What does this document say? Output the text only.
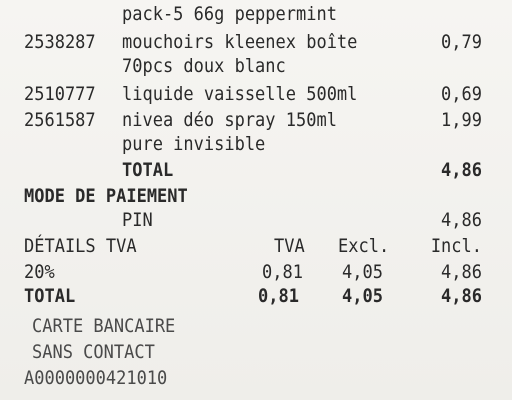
pack-5 66g peppermint
2538287 mouchoirs kleenex boîte	0,79
70pcs doux blanc
2510777 liquide vaisselle 500ml	0,69
2561587 nivea déo spray 150ml	1,99
pure invisible
TOTAL	4,86
MODE DE PAIEMENT
PIN	4,86
DÉTAILS TVA	TVA Excl. Incl.
20%	0,81 4,05	4,86
TOTAL	0,81	4,05	4,86
CARTE BANCAIRE
SANS CONTACT
A0000000421010
